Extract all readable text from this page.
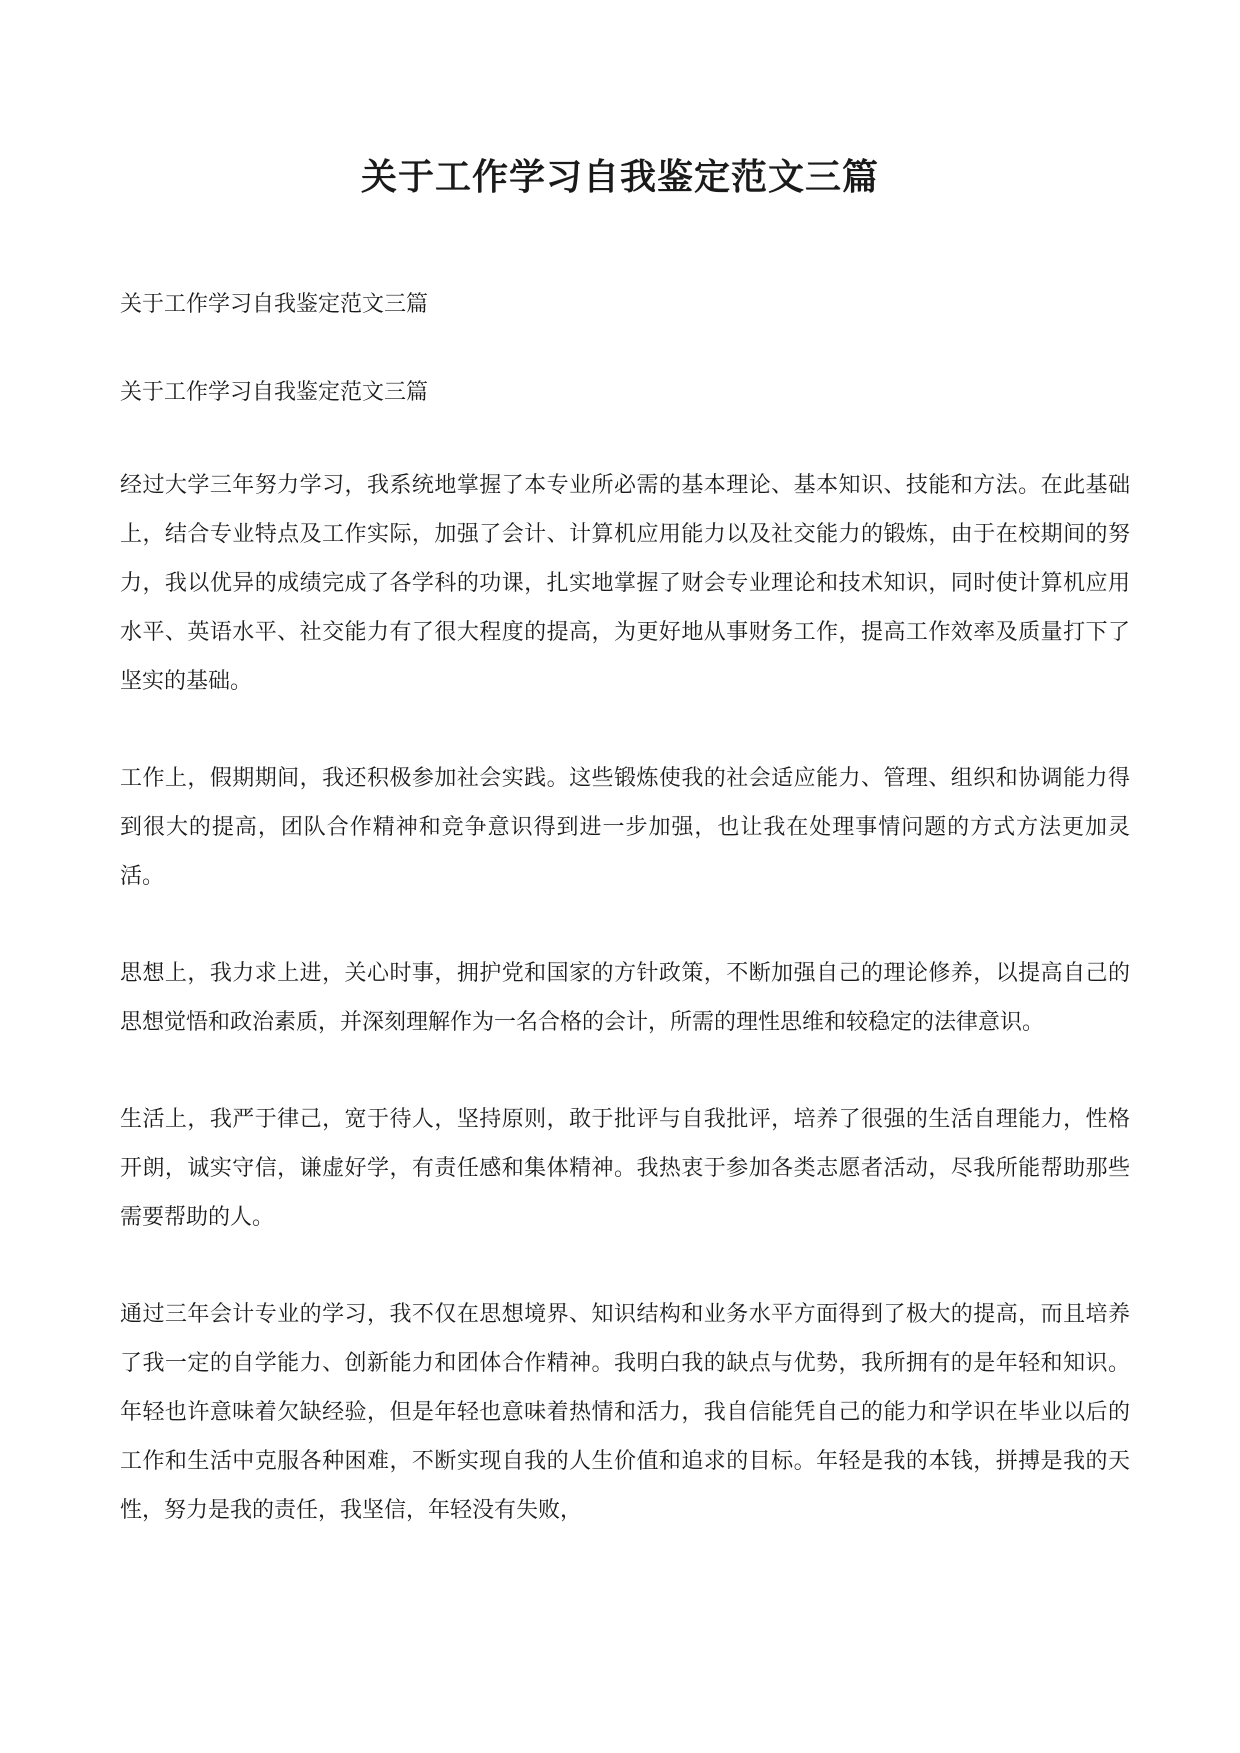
关于工作学习自我鉴定范文三篇

关于工作学习自我鉴定范文三篇

关于工作学习自我鉴定范文三篇

经过大学三年努力学习，我系统地掌握了本专业所必需的基本理论、基本知识、技能和方法。在此基础上，结合专业特点及工作实际，加强了会计、计算机应用能力以及社交能力的锻炼，由于在校期间的努力，我以优异的成绩完成了各学科的功课，扎实地掌握了财会专业理论和技术知识，同时使计算机应用水平、英语水平、社交能力有了很大程度的提高，为更好地从事财务工作，提高工作效率及质量打下了坚实的基础。

工作上，假期期间，我还积极参加社会实践。这些锻炼使我的社会适应能力、管理、组织和协调能力得到很大的提高，团队合作精神和竞争意识得到进一步加强，也让我在处理事情问题的方式方法更加灵活。

思想上，我力求上进，关心时事，拥护党和国家的方针政策，不断加强自己的理论修养，以提高自己的思想觉悟和政治素质，并深刻理解作为一名合格的会计，所需的理性思维和较稳定的法律意识。

生活上，我严于律己，宽于待人，坚持原则，敢于批评与自我批评，培养了很强的生活自理能力，性格开朗，诚实守信，谦虚好学，有责任感和集体精神。我热衷于参加各类志愿者活动，尽我所能帮助那些需要帮助的人。

通过三年会计专业的学习，我不仅在思想境界、知识结构和业务水平方面得到了极大的提高，而且培养了我一定的自学能力、创新能力和团体合作精神。我明白我的缺点与优势，我所拥有的是年轻和知识。年轻也许意味着欠缺经验，但是年轻也意味着热情和活力，我自信能凭自己的能力和学识在毕业以后的工作和生活中克服各种困难，不断实现自我的人生价值和追求的目标。年轻是我的本钱，拼搏是我的天性，努力是我的责任，我坚信，年轻没有失败，
